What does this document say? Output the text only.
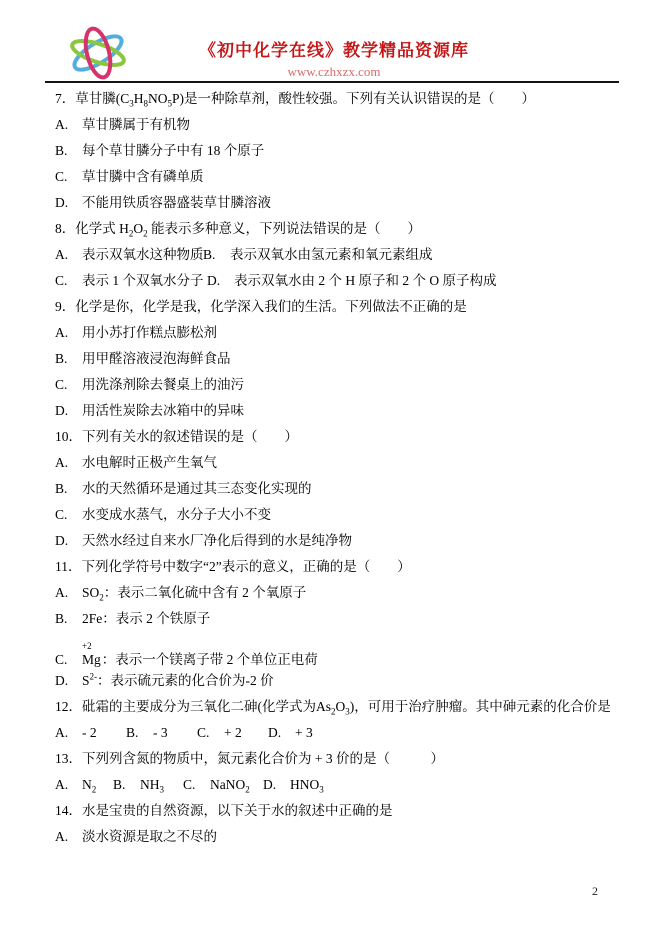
《初中化学在线》教学精品资源库
www.czhxzx.com

7．草甘膦$(C_3H_8NO_5P)$是一种除草剂，酸性较强。下列有关认识错误的是（　　）

A. 草甘膦属于有机物

B. 每个草甘膦分子中有 18 个原子

C. 草甘膦中含有磷单质

D. 不能用铁质容器盛装草甘膦溶液

8．化学式 $H_2O_2$ 能表示多种意义，下列说法错误的是（　　）

A. 表示双氧水这种物质B. 表示双氧水由氢元素和氧元素组成

C. 表示 1 个双氧水分子 D. 表示双氧水由 2 个 H 原子和 2 个 O 原子构成

9．化学是你，化学是我，化学深入我们的生活。下列做法不正确的是

A. 用小苏打作糕点膨松剂

B. 用甲醛溶液浸泡海鲜食品

C. 用洗涤剂除去餐桌上的油污

D. 用活性炭除去冰箱中的异味

10．下列有关水的叙述错误的是（　　）

A. 水电解时正极产生氧气

B. 水的天然循环是通过其三态变化实现的

C. 水变成水蒸气，水分子大小不变

D. 天然水经过自来水厂净化后得到的水是纯净物

11．下列化学符号中数字“2”表示的意义，正确的是（　　）

A. $SO_2$：表示二氧化硫中含有 2 个氧原子

B. 2Fe：表示 2 个铁原子

C.
+2
Mg ：表示一个镁离子带 2 个单位正电荷

D. $S^{2-}$：表示硫元素的化合价为-2 价

12．砒霜的主要成分为三氧化二砷(化学式为$As_2O_3$)，可用于治疗肿瘤。其中砷元素的化合价是

A. - 2 B. - 3 C. + 2 D. + 3

13．下列列含氮的物质中，氮元素化合价为 + 3 价的是（　　　）

A. $N_2$ B. $NH_3$ C. NaNO$_2$ D. $HNO_3$

14．水是宝贵的自然资源，以下关于水的叙述中正确的是

A. 淡水资源是取之不尽的

2
